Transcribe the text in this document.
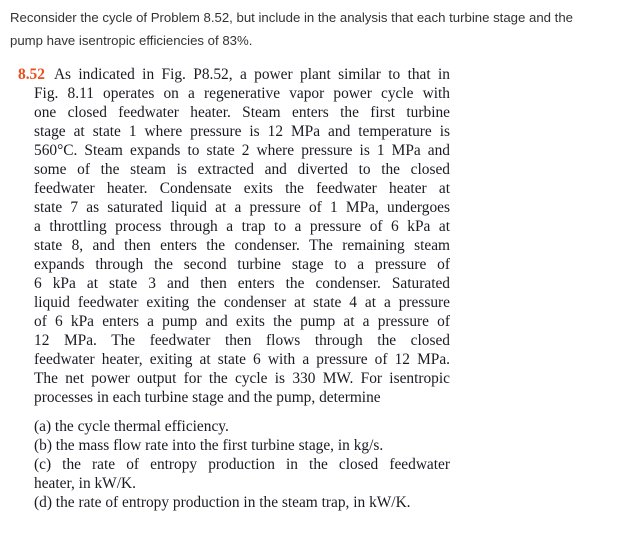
Reconsider the cycle of Problem 8.52, but include in the analysis that each turbine stage and the
pump have isentropic efficiencies of 83%.
8.52 As indicated in Fig. P8.52, a power plant similar to that in
Fig. 8.11 operates on a regenerative vapor power cycle with
one closed feedwater heater. Steam enters the first turbine
stage at state 1 where pressure is 12 MPa and temperature is
560°C. Steam expands to state 2 where pressure is 1 MPa and
some of the steam is extracted and diverted to the closed
feedwater heater. Condensate exits the feedwater heater at
state 7 as saturated liquid at a pressure of 1 MPa, undergoes
a throttling process through a trap to a pressure of 6 kPa at
state 8, and then enters the condenser. The remaining steam
expands through the second turbine stage to a pressure of
6 kPa at state 3 and then enters the condenser. Saturated
liquid feedwater exiting the condenser at state 4 at a pressure
of 6 kPa enters a pump and exits the pump at a pressure of
12 MPa. The feedwater then flows through the closed
feedwater heater, exiting at state 6 with a pressure of 12 MPa.
The net power output for the cycle is 330 MW. For isentropic
processes in each turbine stage and the pump, determine
(a) the cycle thermal efficiency.
(b) the mass flow rate into the first turbine stage, in kg/s.
(c) the rate of entropy production in the closed feedwater
heater, in kW/K.
(d) the rate of entropy production in the steam trap, in kW/K.
